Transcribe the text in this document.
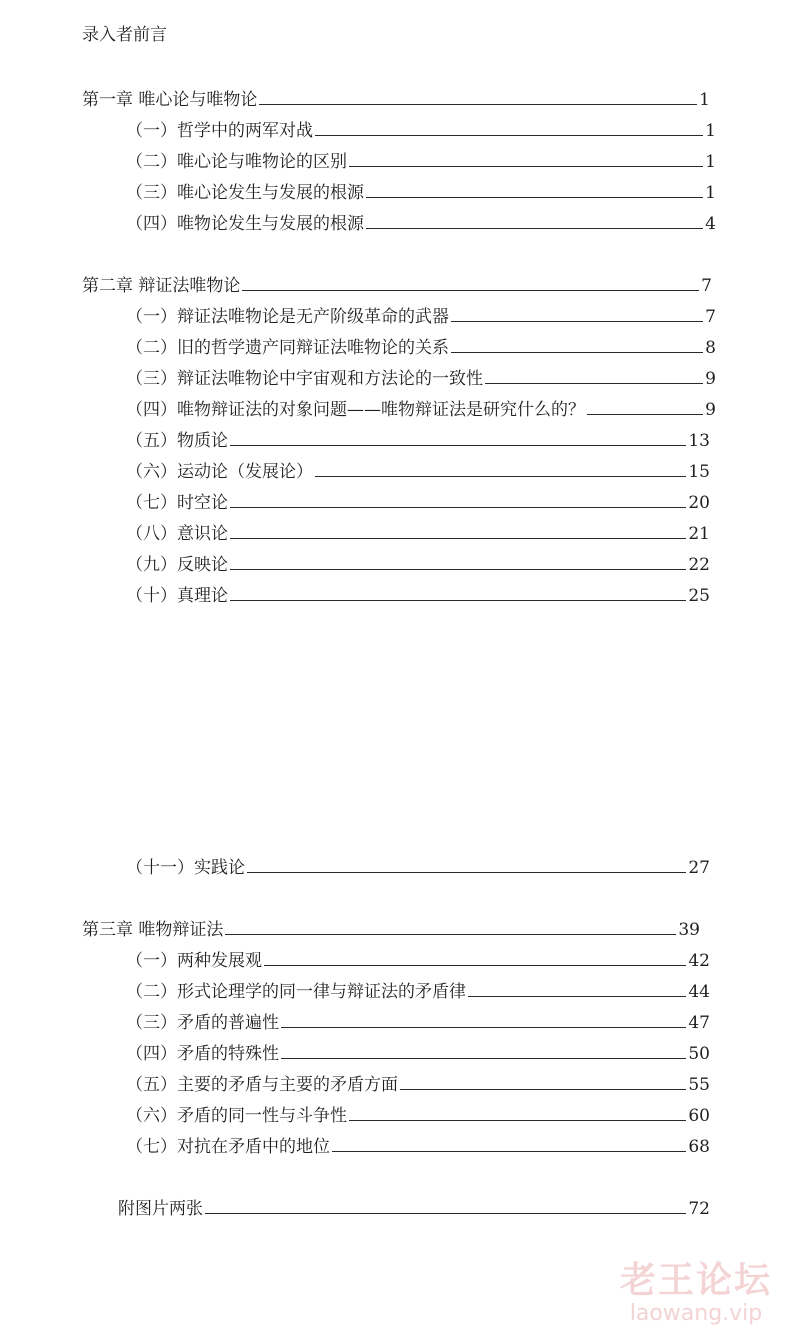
录入者前言
第一章 唯心论与唯物论	1
（一）哲学中的两军对战	1
（二）唯心论与唯物论的区别	1
（三）唯心论发生与发展的根源	1
（四）唯物论发生与发展的根源	4
第二章 辩证法唯物论	7
（一）辩证法唯物论是无产阶级革命的武器	7
（二）旧的哲学遗产同辩证法唯物论的关系	8
（三）辩证法唯物论中宇宙观和方法论的一致性	9
（四）唯物辩证法的对象问题——唯物辩证法是研究什么的？	9
（五）物质论	13
（六）运动论（发展论）	15
（七）时空论	20
（八）意识论	21
（九）反映论	22
（十）真理论	25
（十一）实践论	27
第三章 唯物辩证法	39
（一）两种发展观	42
（二）形式论理学的同一律与辩证法的矛盾律	44
（三）矛盾的普遍性	47
（四）矛盾的特殊性	50
（五）主要的矛盾与主要的矛盾方面	55
（六）矛盾的同一性与斗争性	60
（七）对抗在矛盾中的地位	68
附图片两张	72
老王论坛
laowang.vip
